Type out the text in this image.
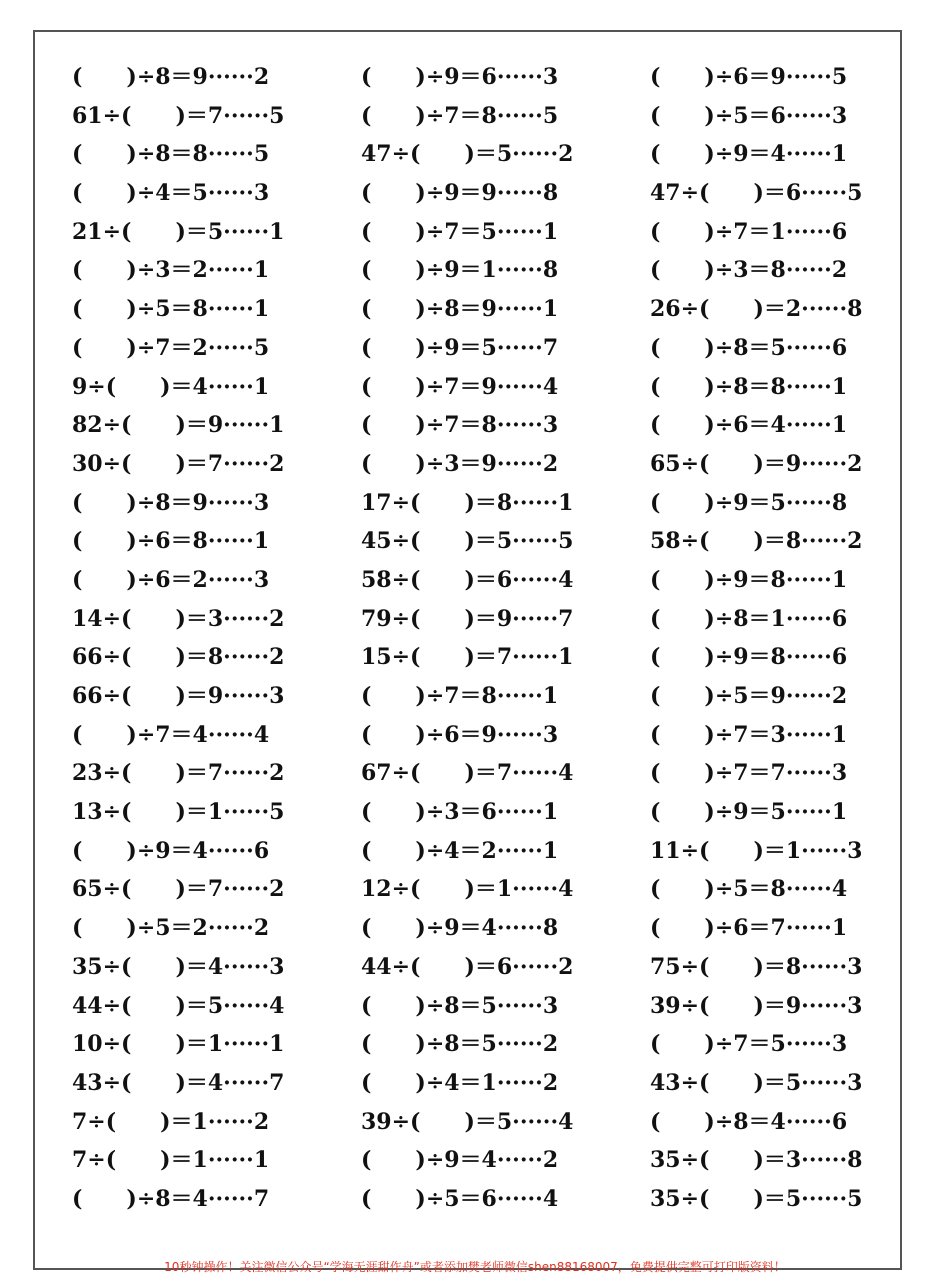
(　　)÷8＝9······2
61÷(　　)＝7······5
(　　)÷8＝8······5
(　　)÷4＝5······3
21÷(　　)＝5······1
(　　)÷3＝2······1
(　　)÷5＝8······1
(　　)÷7＝2······5
9÷(　　)＝4······1
82÷(　　)＝9······1
30÷(　　)＝7······2
(　　)÷8＝9······3
(　　)÷6＝8······1
(　　)÷6＝2······3
14÷(　　)＝3······2
66÷(　　)＝8······2
66÷(　　)＝9······3
(　　)÷7＝4······4
23÷(　　)＝7······2
13÷(　　)＝1······5
(　　)÷9＝4······6
65÷(　　)＝7······2
(　　)÷5＝2······2
35÷(　　)＝4······3
44÷(　　)＝5······4
10÷(　　)＝1······1
43÷(　　)＝4······7
7÷(　　)＝1······2
7÷(　　)＝1······1
(　　)÷8＝4······7
(　　)÷9＝6······3
(　　)÷7＝8······5
47÷(　　)＝5······2
(　　)÷9＝9······8
(　　)÷7＝5······1
(　　)÷9＝1······8
(　　)÷8＝9······1
(　　)÷9＝5······7
(　　)÷7＝9······4
(　　)÷7＝8······3
(　　)÷3＝9······2
17÷(　　)＝8······1
45÷(　　)＝5······5
58÷(　　)＝6······4
79÷(　　)＝9······7
15÷(　　)＝7······1
(　　)÷7＝8······1
(　　)÷6＝9······3
67÷(　　)＝7······4
(　　)÷3＝6······1
(　　)÷4＝2······1
12÷(　　)＝1······4
(　　)÷9＝4······8
44÷(　　)＝6······2
(　　)÷8＝5······3
(　　)÷8＝5······2
(　　)÷4＝1······2
39÷(　　)＝5······4
(　　)÷9＝4······2
(　　)÷5＝6······4
(　　)÷6＝9······5
(　　)÷5＝6······3
(　　)÷9＝4······1
47÷(　　)＝6······5
(　　)÷7＝1······6
(　　)÷3＝8······2
26÷(　　)＝2······8
(　　)÷8＝5······6
(　　)÷8＝8······1
(　　)÷6＝4······1
65÷(　　)＝9······2
(　　)÷9＝5······8
58÷(　　)＝8······2
(　　)÷9＝8······1
(　　)÷8＝1······6
(　　)÷9＝8······6
(　　)÷5＝9······2
(　　)÷7＝3······1
(　　)÷7＝7······3
(　　)÷9＝5······1
11÷(　　)＝1······3
(　　)÷5＝8······4
(　　)÷6＝7······1
75÷(　　)＝8······3
39÷(　　)＝9······3
(　　)÷7＝5······3
43÷(　　)＝5······3
(　　)÷8＝4······6
35÷(　　)＝3······8
35÷(　　)＝5······5
10秒钟操作！关注微信公众号“学海无涯甜作舟”或者添加樊老师微信shen88168007，免费提供完整可打印版资料！
